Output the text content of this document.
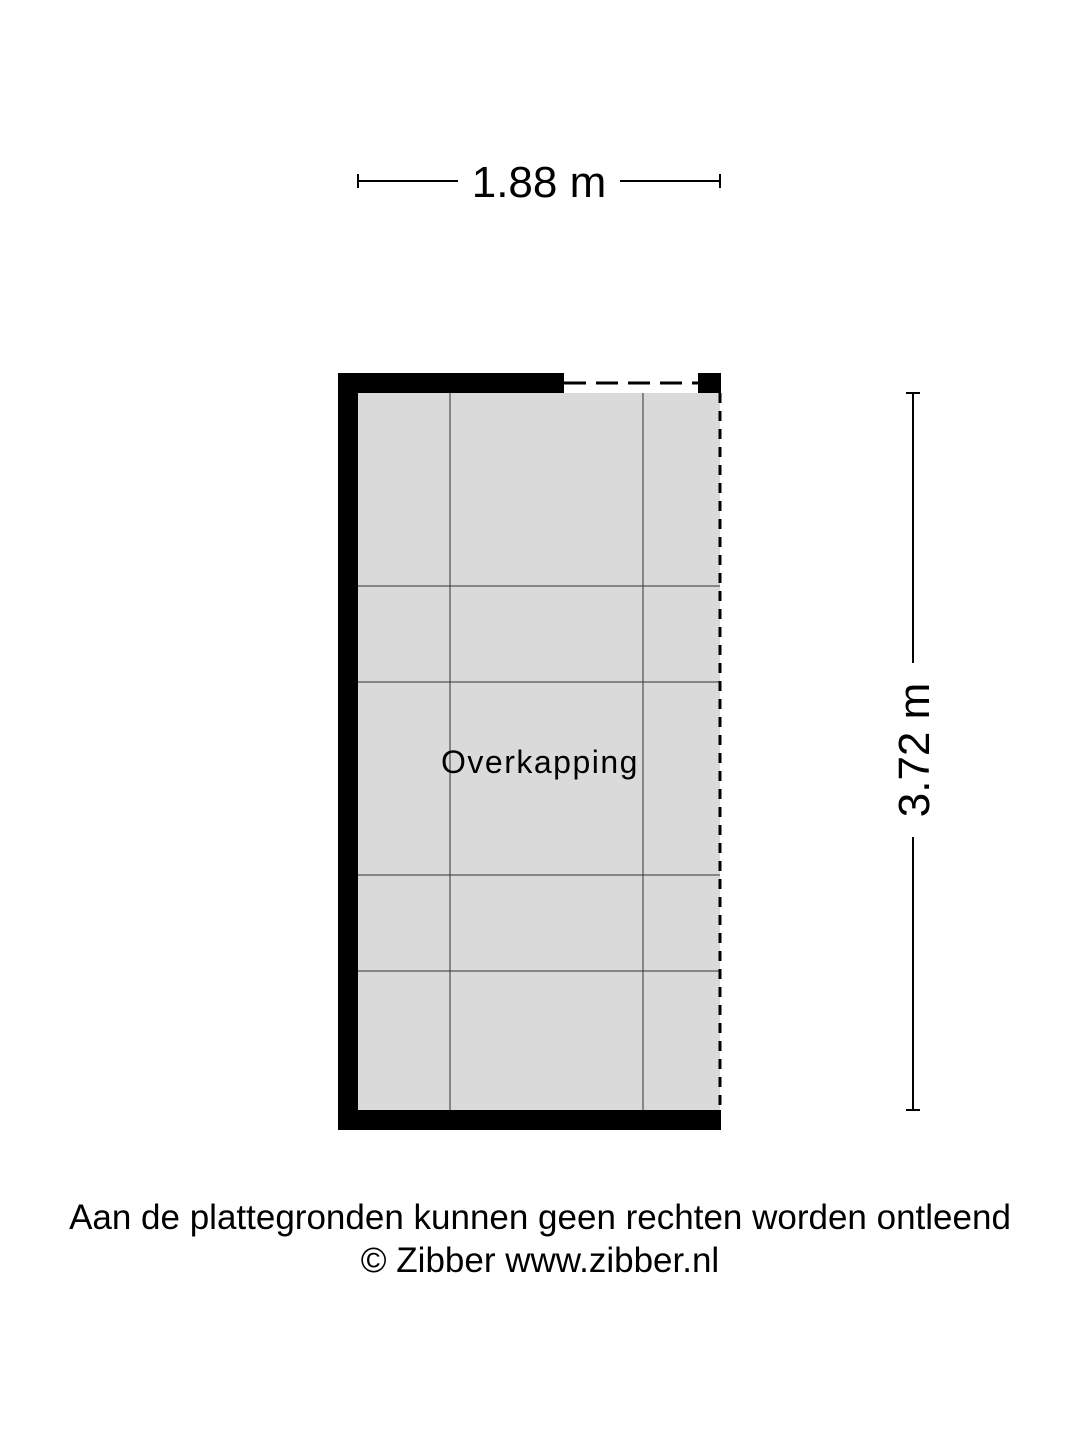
1.88 m
Overkapping	3.72 m
Aan de plattegronden kunnen geen rechten worden ontleend
© Zibber www.zibber.nl
